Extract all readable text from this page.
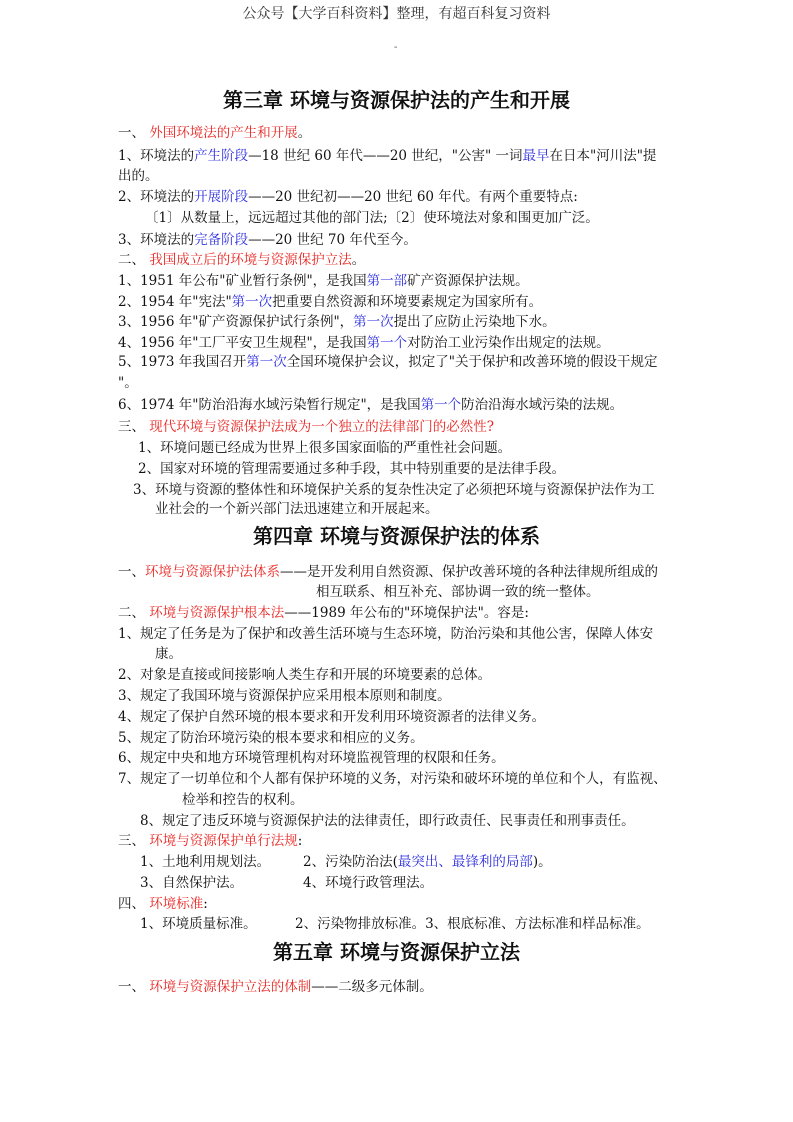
公众号【大学百科资料】整理，有超百科复习资料
-
第三章 环境与资源保护法的产生和开展
第四章 环境与资源保护法的体系
第五章 环境与资源保护立法
一、 外国环境法的产生和开展。
1、环境法的产生阶段—18 世纪 60 年代——20 世纪，"公害" 一词最早在日本"河川法"提
出的。
2、环境法的开展阶段——20 世纪初——20 世纪 60 年代。有两个重要特点:
〔1〕从数量上，远远超过其他的部门法;〔2〕使环境法对象和围更加广泛。
3、环境法的完备阶段——20 世纪 70 年代至今。
二、 我国成立后的环境与资源保护立法。
1、1951 年公布"矿业暂行条例"，是我国第一部矿产资源保护法规。
2、1954 年"宪法"第一次把重要自然资源和环境要素规定为国家所有。
3、1956 年"矿产资源保护试行条例"，第一次提出了应防止污染地下水。
4、1956 年"工厂平安卫生规程"，是我国第一个对防治工业污染作出规定的法规。
5、1973 年我国召开第一次全国环境保护会议，拟定了"关于保护和改善环境的假设干规定
"。
6、1974 年"防治沿海水域污染暂行规定"，是我国第一个防治沿海水域污染的法规。
三、 现代环境与资源保护法成为一个独立的法律部门的必然性?
1、环境问题已经成为世界上很多国家面临的严重性社会问题。
2、国家对环境的管理需要通过多种手段，其中特别重要的是法律手段。
3、环境与资源的整体性和环境保护关系的复杂性决定了必须把环境与资源保护法作为工
业社会的一个新兴部门法迅速建立和开展起来。
一、环境与资源保护法体系——是开发利用自然资源、保护改善环境的各种法律规所组成的
相互联系、相互补充、部协调一致的统一整体。
二、 环境与资源保护根本法——1989 年公布的"环境保护法"。容是:
1、规定了任务是为了保护和改善生活环境与生态环境，防治污染和其他公害，保障人体安
康。
2、对象是直接或间接影响人类生存和开展的环境要素的总体。
3、规定了我国环境与资源保护应采用根本原则和制度。
4、规定了保护自然环境的根本要求和开发利用环境资源者的法律义务。
5、规定了防治环境污染的根本要求和相应的义务。
6、规定中央和地方环境管理机构对环境监视管理的权限和任务。
7、规定了一切单位和个人都有保护环境的义务，对污染和破坏环境的单位和个人，有监视、
检举和控告的权利。
8、规定了违反环境与资源保护法的法律责任，即行政责任、民事责任和刑事责任。
三、 环境与资源保护单行法规:
1、土地利用规划法。 2、污染防治法(最突出、最锋利的局部)。
3、自然保护法。	4、环境行政管理法。
四、 环境标准:
1、环境质量标准。	2、污染物排放标准。3、根底标准、方法标准和样品标准。
一、 环境与资源保护立法的体制——二级多元体制。
